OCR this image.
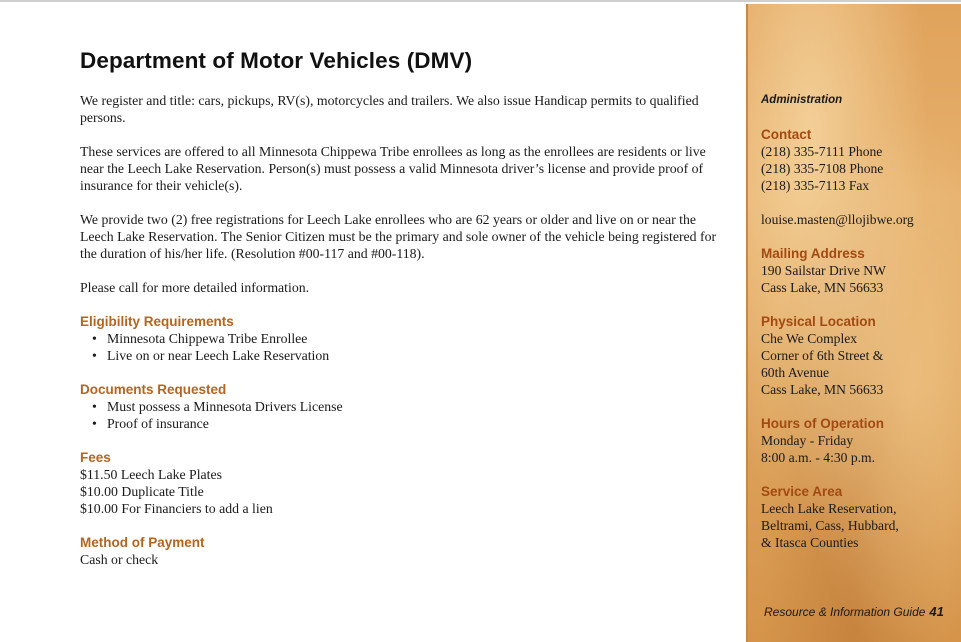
Department of Motor Vehicles (DMV)

We register and title: cars, pickups, RV(s), motorcycles and trailers. We also issue Handicap permits to qualified persons.

These services are offered to all Minnesota Chippewa Tribe enrollees as long as the enrollees are residents or live near the Leech Lake Reservation. Person(s) must possess a valid Minnesota driver’s license and provide proof of insurance for their vehicle(s).

We provide two (2) free registrations for Leech Lake enrollees who are 62 years or older and live on or near the Leech Lake Reservation. The Senior Citizen must be the primary and sole owner of the vehicle being registered for the duration of his/her life. (Resolution #00-117 and #00-118).

Please call for more detailed information.

Eligibility Requirements
• Minnesota Chippewa Tribe Enrollee
• Live on or near Leech Lake Reservation
Documents Requested
• Must possess a Minnesota Drivers License
• Proof of insurance
Fees
$11.50 Leech Lake Plates
$10.00 Duplicate Title
$10.00 For Financiers to add a lien
Method of Payment
Cash or check
Administration
Contact
(218) 335-7111 Phone
(218) 335-7108 Phone
(218) 335-7113 Fax
louise.masten@llojibwe.org
Mailing Address
190 Sailstar Drive NW
Cass Lake, MN 56633
Physical Location
Che We Complex
Corner of 6th Street &
60th Avenue
Cass Lake, MN 56633
Hours of Operation
Monday - Friday
8:00 a.m. - 4:30 p.m.
Service Area
Leech Lake Reservation,
Beltrami, Cass, Hubbard,
& Itasca Counties
Resource & Information Guide 41
